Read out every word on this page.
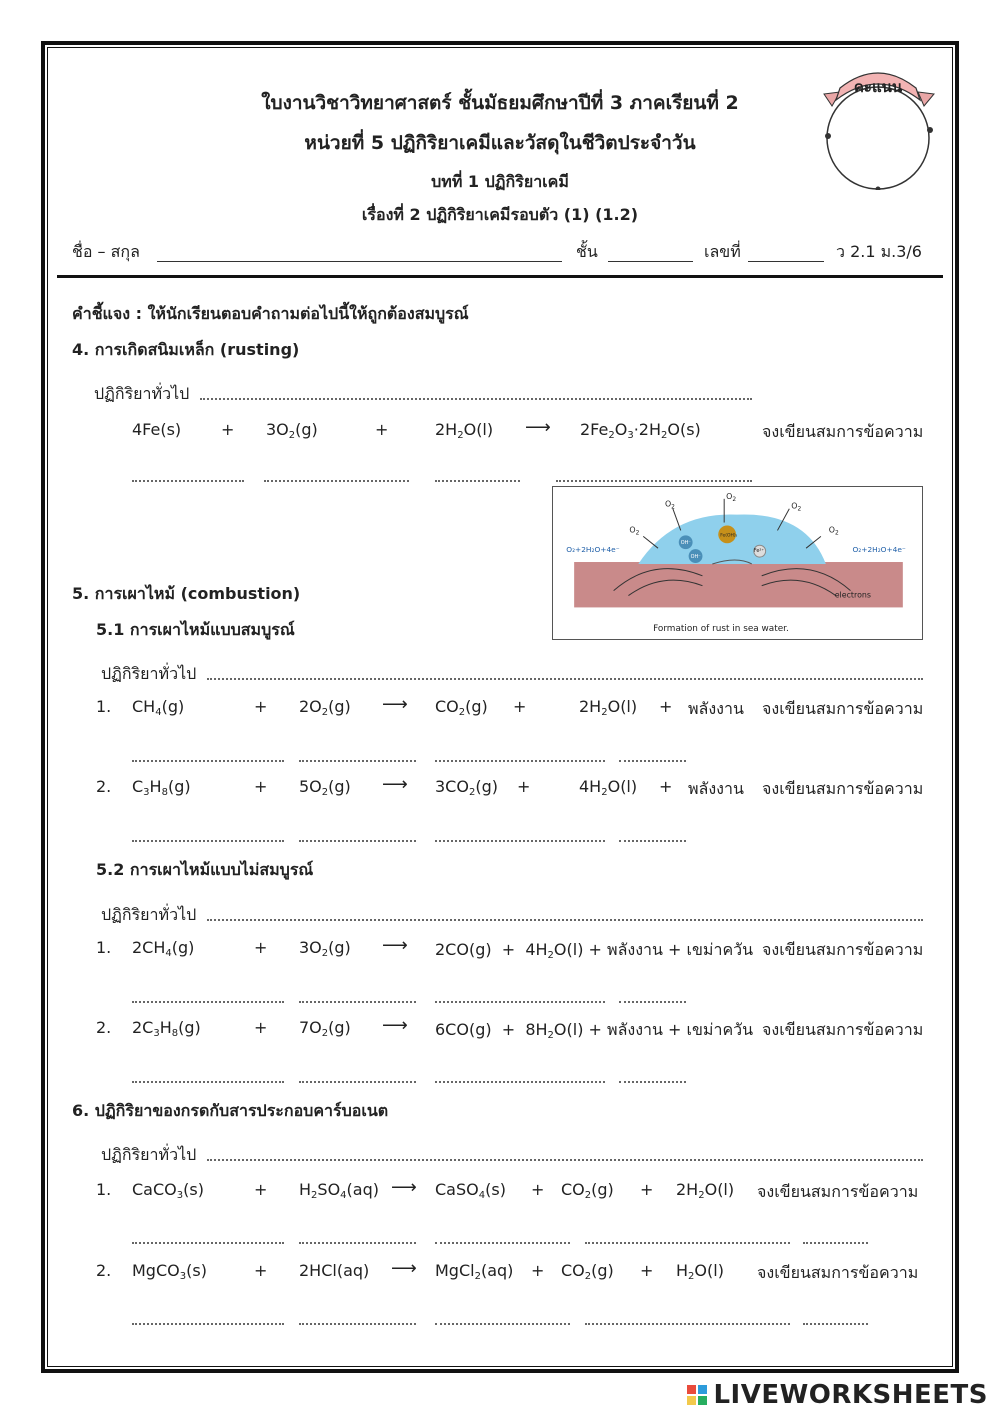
ใบงานวิชาวิทยาศาสตร์ ชั้นมัธยมศึกษาปีที่ 3 ภาคเรียนที่ 2
หน่วยที่ 5 ปฏิกิริยาเคมีและวัสดุในชีวิตประจำวัน
บทที่ 1 ปฏิกิริยาเคมี
เรื่องที่ 2 ปฏิกิริยาเคมีรอบตัว (1) (1.2)
คะแนน
ชื่อ – สกุล	ชั้น	เลขที่	ว 2.1 ม.3/6
คำชี้แจง : ให้นักเรียนตอบคำถามต่อไปนี้ให้ถูกต้องสมบูรณ์
4. การเกิดสนิมเหล็ก (rusting)
ปฏิกิริยาทั่วไป
$4Fe(s) + 3O_2(g)$	+	$2H_2O(l)$ ⟶ $2Fe_2O_3\cdot 2H_2O(s)$	จงเขียนสมการข้อความ
$O_2$
$O_2$
$O_2$
$O_2$	$O_2$
O₂+2H₂O+4e⁻	O₂+2H₂O+4e⁻
OH⁻
OH⁻
Fe(OH)₃
Fe²⁺
electrons
Formation of rust in sea water.
5. การเผาไหม้ (combustion)
5.1 การเผาไหม้แบบสมบูรณ์
ปฏิกิริยาทั่วไป
1. $CH_4(g)$	+ $2O_2(g)$ ⟶ $CO_2(g)$ +	$2H_2O(l)$ + พลังงาน จงเขียนสมการข้อความ
2. $C_3H_8(g)$	+ $5O_2(g)$ ⟶ $3CO_2(g)$ +	$4H_2O(l)$ + พลังงาน จงเขียนสมการข้อความ
5.2 การเผาไหม้แบบไม่สมบูรณ์
ปฏิกิริยาทั่วไป
1. $2CH_4(g)$	+ $3O_2(g)$ ⟶ $2CO(g) + 4H_2O(l)$ + พลังงาน + เขม่าควัน จงเขียนสมการข้อความ
2. $2C_3H_8(g)$	+ $7O_2(g)$ ⟶ $6CO(g) + 8H_2O(l)$ + พลังงาน + เขม่าควัน จงเขียนสมการข้อความ
6. ปฏิกิริยาของกรดกับสารประกอบคาร์บอเนต
ปฏิกิริยาทั่วไป
1. CaCO$_3$(s)	+ $H_2SO_4(aq)$ ⟶ CaSO$_4$(s) + $CO_2(g) + 2H_2O(l)$ จงเขียนสมการข้อความ
2. MgCO$_3$(s)	+ 2HCl(aq) ⟶ MgCl$_2$(aq) + $CO_2(g) + H_2O(l)$ จงเขียนสมการข้อความ
LIVEWORKSHEETS
